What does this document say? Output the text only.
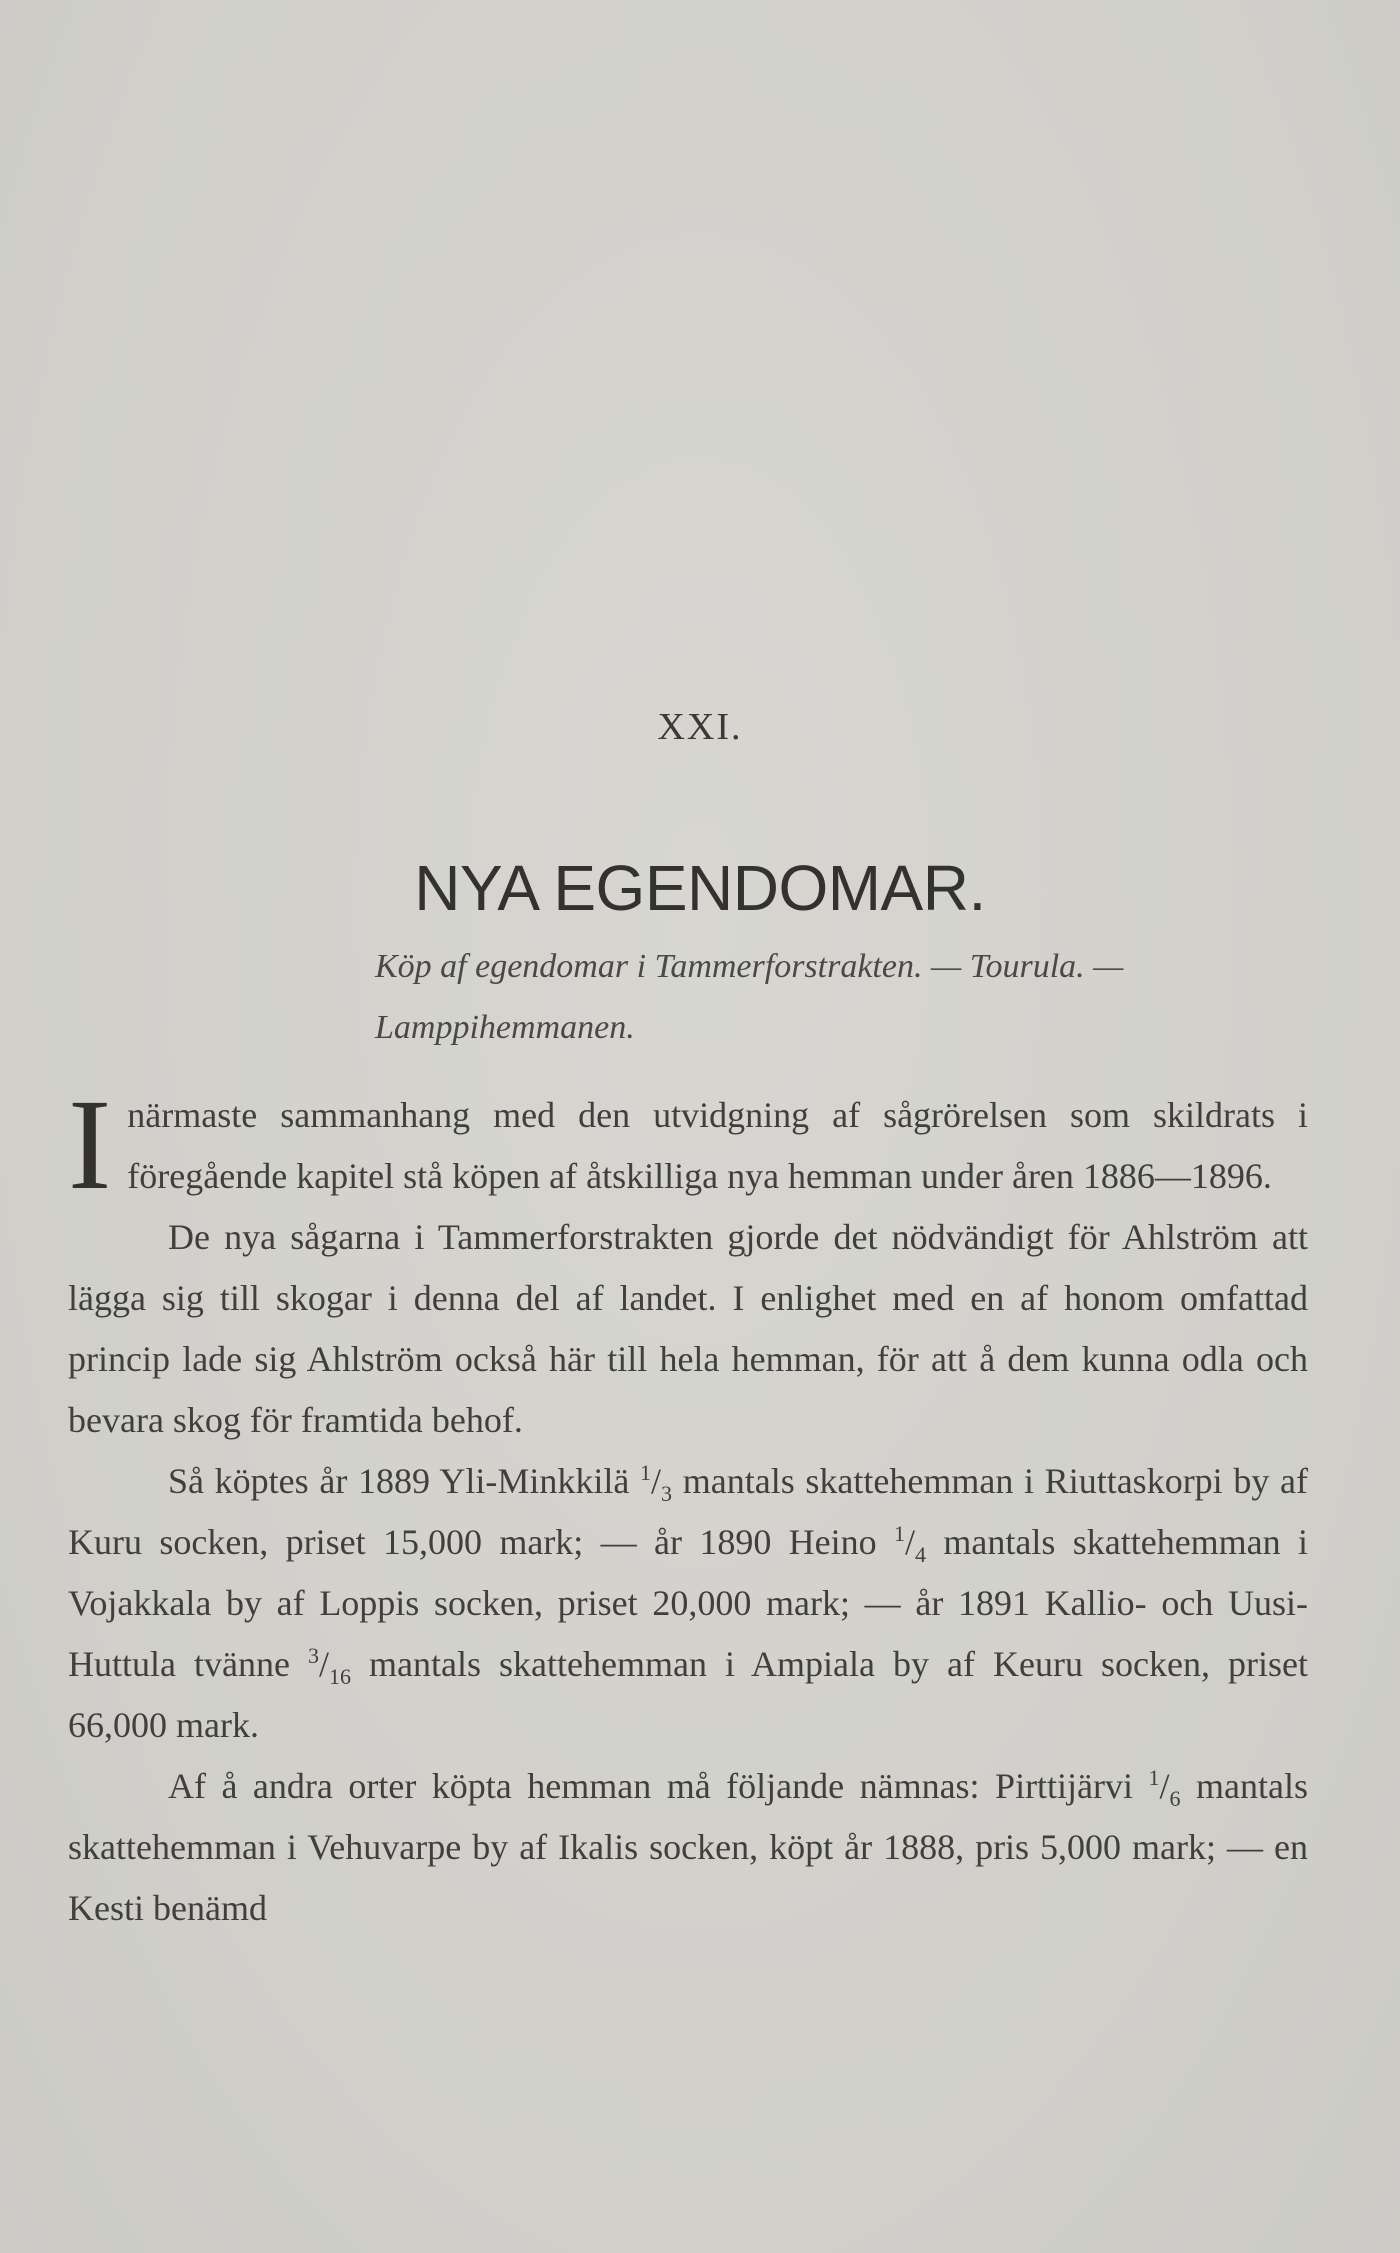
XXI.
NYA EGENDOMAR.
Köp af egendomar i Tammerforstrakten. — Tourula. —
Lamppihemmanen.

I närmaste sammanhang med den utvidgning af sågrörelsen som skildrats i föregående kapitel stå köpen af åtskilliga nya hemman under åren 1886—1896.

De nya sågarna i Tammerforstrakten gjorde det nödvändigt för Ahlström att lägga sig till skogar i denna del af landet. I enlighet med en af honom omfattad princip lade sig Ahlström också här till hela hemman, för att å dem kunna odla och bevara skog för framtida behof.

Så köptes år 1889 Yli-Minkkilä $^1/_3$ mantals skattehemman i Riuttaskorpi by af Kuru socken, priset 15,000 mark; — år 1890 Heino $^1/_4$ mantals skattehemman i Vojakkala by af Loppis socken, priset 20,000 mark; — år 1891 Kallio- och Uusi-Huttula tvänne $^3/_{16}$ mantals skattehemman i Ampiala by af Keuru socken, priset 66,000 mark.

Af å andra orter köpta hemman må följande nämnas: Pirttijärvi $^1/_6$ mantals skattehemman i Vehuvarpe by af Ikalis socken, köpt år 1888, pris 5,000 mark; — en Kesti benämd
